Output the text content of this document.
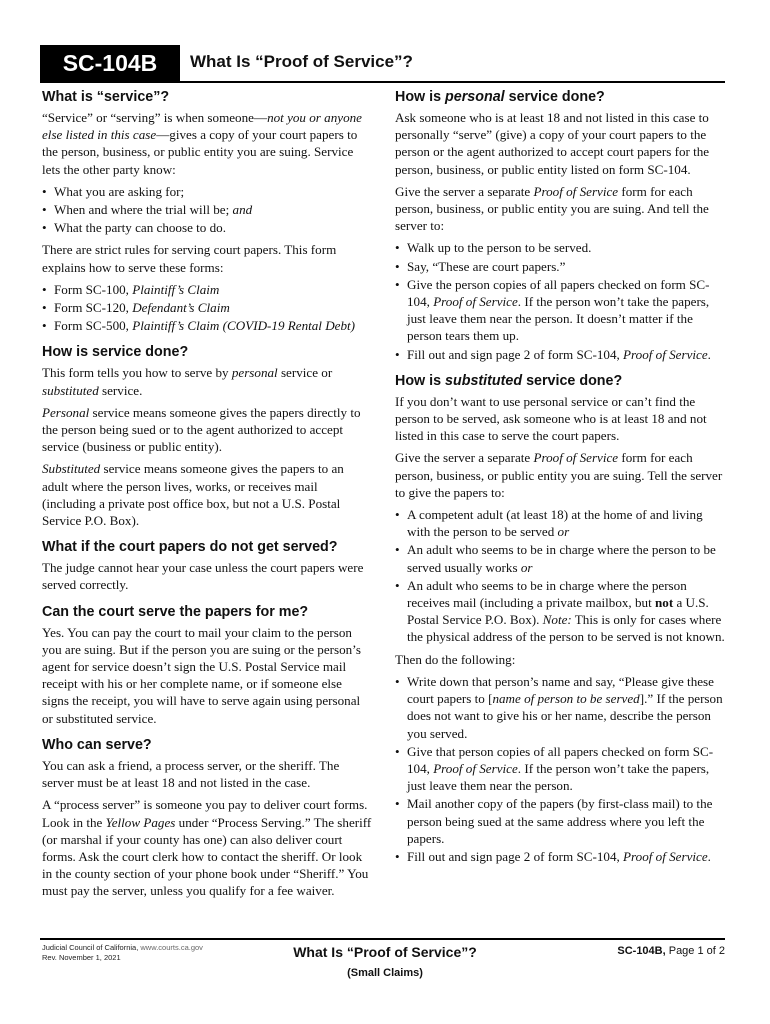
SC-104B What Is “Proof of Service”?
What is “service”?

“Service” or “serving” is when someone—not you or anyone else listed in this case—gives a copy of your court papers to the person, business, or public entity you are suing. Service lets the other party know:

• What you are asking for;
• When and where the trial will be; and
• What the party can choose to do.

There are strict rules for serving court papers. This form explains how to serve these forms:

• Form SC-100, Plaintiff’s Claim
• Form SC-120, Defendant’s Claim
• Form SC-500, Plaintiff’s Claim (COVID-19 Rental Debt)
How is service done?

This form tells you how to serve by personal service or substituted service.

Personal service means someone gives the papers directly to the person being sued or to the agent authorized to accept service (business or public entity).

Substituted service means someone gives the papers to an adult where the person lives, works, or receives mail (including a private post office box, but not a U.S. Postal Service P.O. Box).

What if the court papers do not get served?

The judge cannot hear your case unless the court papers were served correctly.

Can the court serve the papers for me?

Yes. You can pay the court to mail your claim to the person you are suing. But if the person you are suing or the person’s agent for service doesn’t sign the U.S. Postal Service mail receipt with his or her complete name, or if someone else signs the receipt, you will have to serve again using personal or substituted service.

Who can serve?

You can ask a friend, a process server, or the sheriff. The server must be at least 18 and not listed in the case.

A “process server” is someone you pay to deliver court forms. Look in the Yellow Pages under “Process Serving.” The sheriff (or marshal if your county has one) can also deliver court forms. Ask the court clerk how to contact the sheriff. Or look in the county section of your phone book under “Sheriff.” You must pay the server, unless you qualify for a fee waiver.

How is personal service done?

Ask someone who is at least 18 and not listed in this case to personally “serve” (give) a copy of your court papers to the person or the agent authorized to accept court papers for the person, business, or public entity listed on form SC-104.

Give the server a separate Proof of Service form for each person, business, or public entity you are suing. And tell the server to:

• Walk up to the person to be served.
• Say, “These are court papers.”
• Give the person copies of all papers checked on form SC-104, Proof of Service. If the person won’t take the papers, just leave them near the person. It doesn’t matter if the person tears them up.
• Fill out and sign page 2 of form SC-104, Proof of Service.
How is substituted service done?

If you don’t want to use personal service or can’t find the person to be served, ask someone who is at least 18 and not listed in this case to serve the court papers.

Give the server a separate Proof of Service form for each person, business, or public entity you are suing. Tell the server to give the papers to:

• A competent adult (at least 18) at the home of and living with the person to be served or
• An adult who seems to be in charge where the person to be served usually works or
• An adult who seems to be in charge where the person receives mail (including a private mailbox, but not a U.S. Postal Service P.O. Box). Note: This is only for cases where the physical address of the person to be served is not known.

Then do the following:

• Write down that person’s name and say, “Please give these court papers to [name of person to be served].” If the person does not want to give his or her name, describe the person you served.
• Give that person copies of all papers checked on form SC-104, Proof of Service. If the person won’t take the papers, just leave them near the person.
• Mail another copy of the papers (by first-class mail) to the person being sued at the same address where you left the papers.
• Fill out and sign page 2 of form SC-104, Proof of Service.
Judicial Council of California, www.courts.ca.gov
Rev. November 1, 2021	What Is “Proof of Service”?
(Small Claims)
SC-104B, Page 1 of 2
